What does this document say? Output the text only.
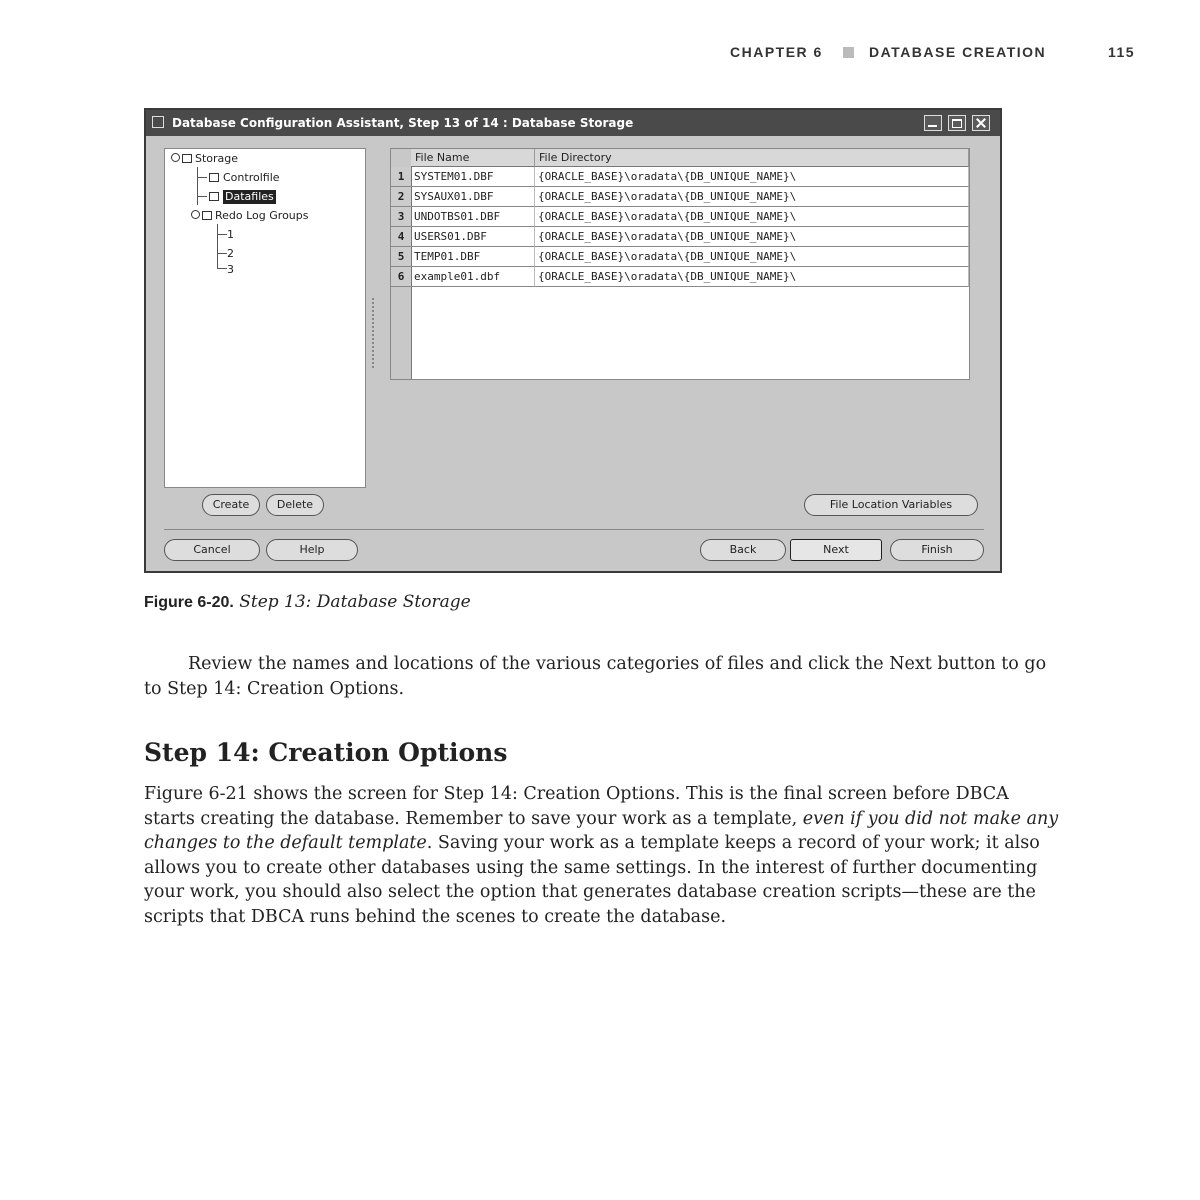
CHAPTER 6	DATABASE CREATION	115
Database Configuration Assistant, Step 13 of 14 : Database Storage
Storage
Controlfile
Datafiles
Redo Log Groups
1
2
3
File Name	File Directory
1 SYSTEM01.DBF	{ORACLE_BASE}\oradata\{DB_UNIQUE_NAME}\
2 SYSAUX01.DBF	{ORACLE_BASE}\oradata\{DB_UNIQUE_NAME}\
3 UNDOTBS01.DBF	{ORACLE_BASE}\oradata\{DB_UNIQUE_NAME}\
4 USERS01.DBF	{ORACLE_BASE}\oradata\{DB_UNIQUE_NAME}\
5 TEMP01.DBF	{ORACLE_BASE}\oradata\{DB_UNIQUE_NAME}\
6 example01.dbf	{ORACLE_BASE}\oradata\{DB_UNIQUE_NAME}\
Create	Delete	File Location Variables
Cancel	Help	Back	Next	Finish
Figure 6-20. Step 13: Database Storage
Review the names and locations of the various categories of files and click the Next button to go to Step 14: Creation Options.
Step 14: Creation Options
Figure 6-21 shows the screen for Step 14: Creation Options. This is the final screen before DBCA starts creating the database. Remember to save your work as a template, even if you did not make any changes to the default template. Saving your work as a template keeps a record of your work; it also allows you to create other databases using the same settings. In the interest of further documenting your work, you should also select the option that generates database creation scripts—these are the scripts that DBCA runs behind the scenes to create the database.
